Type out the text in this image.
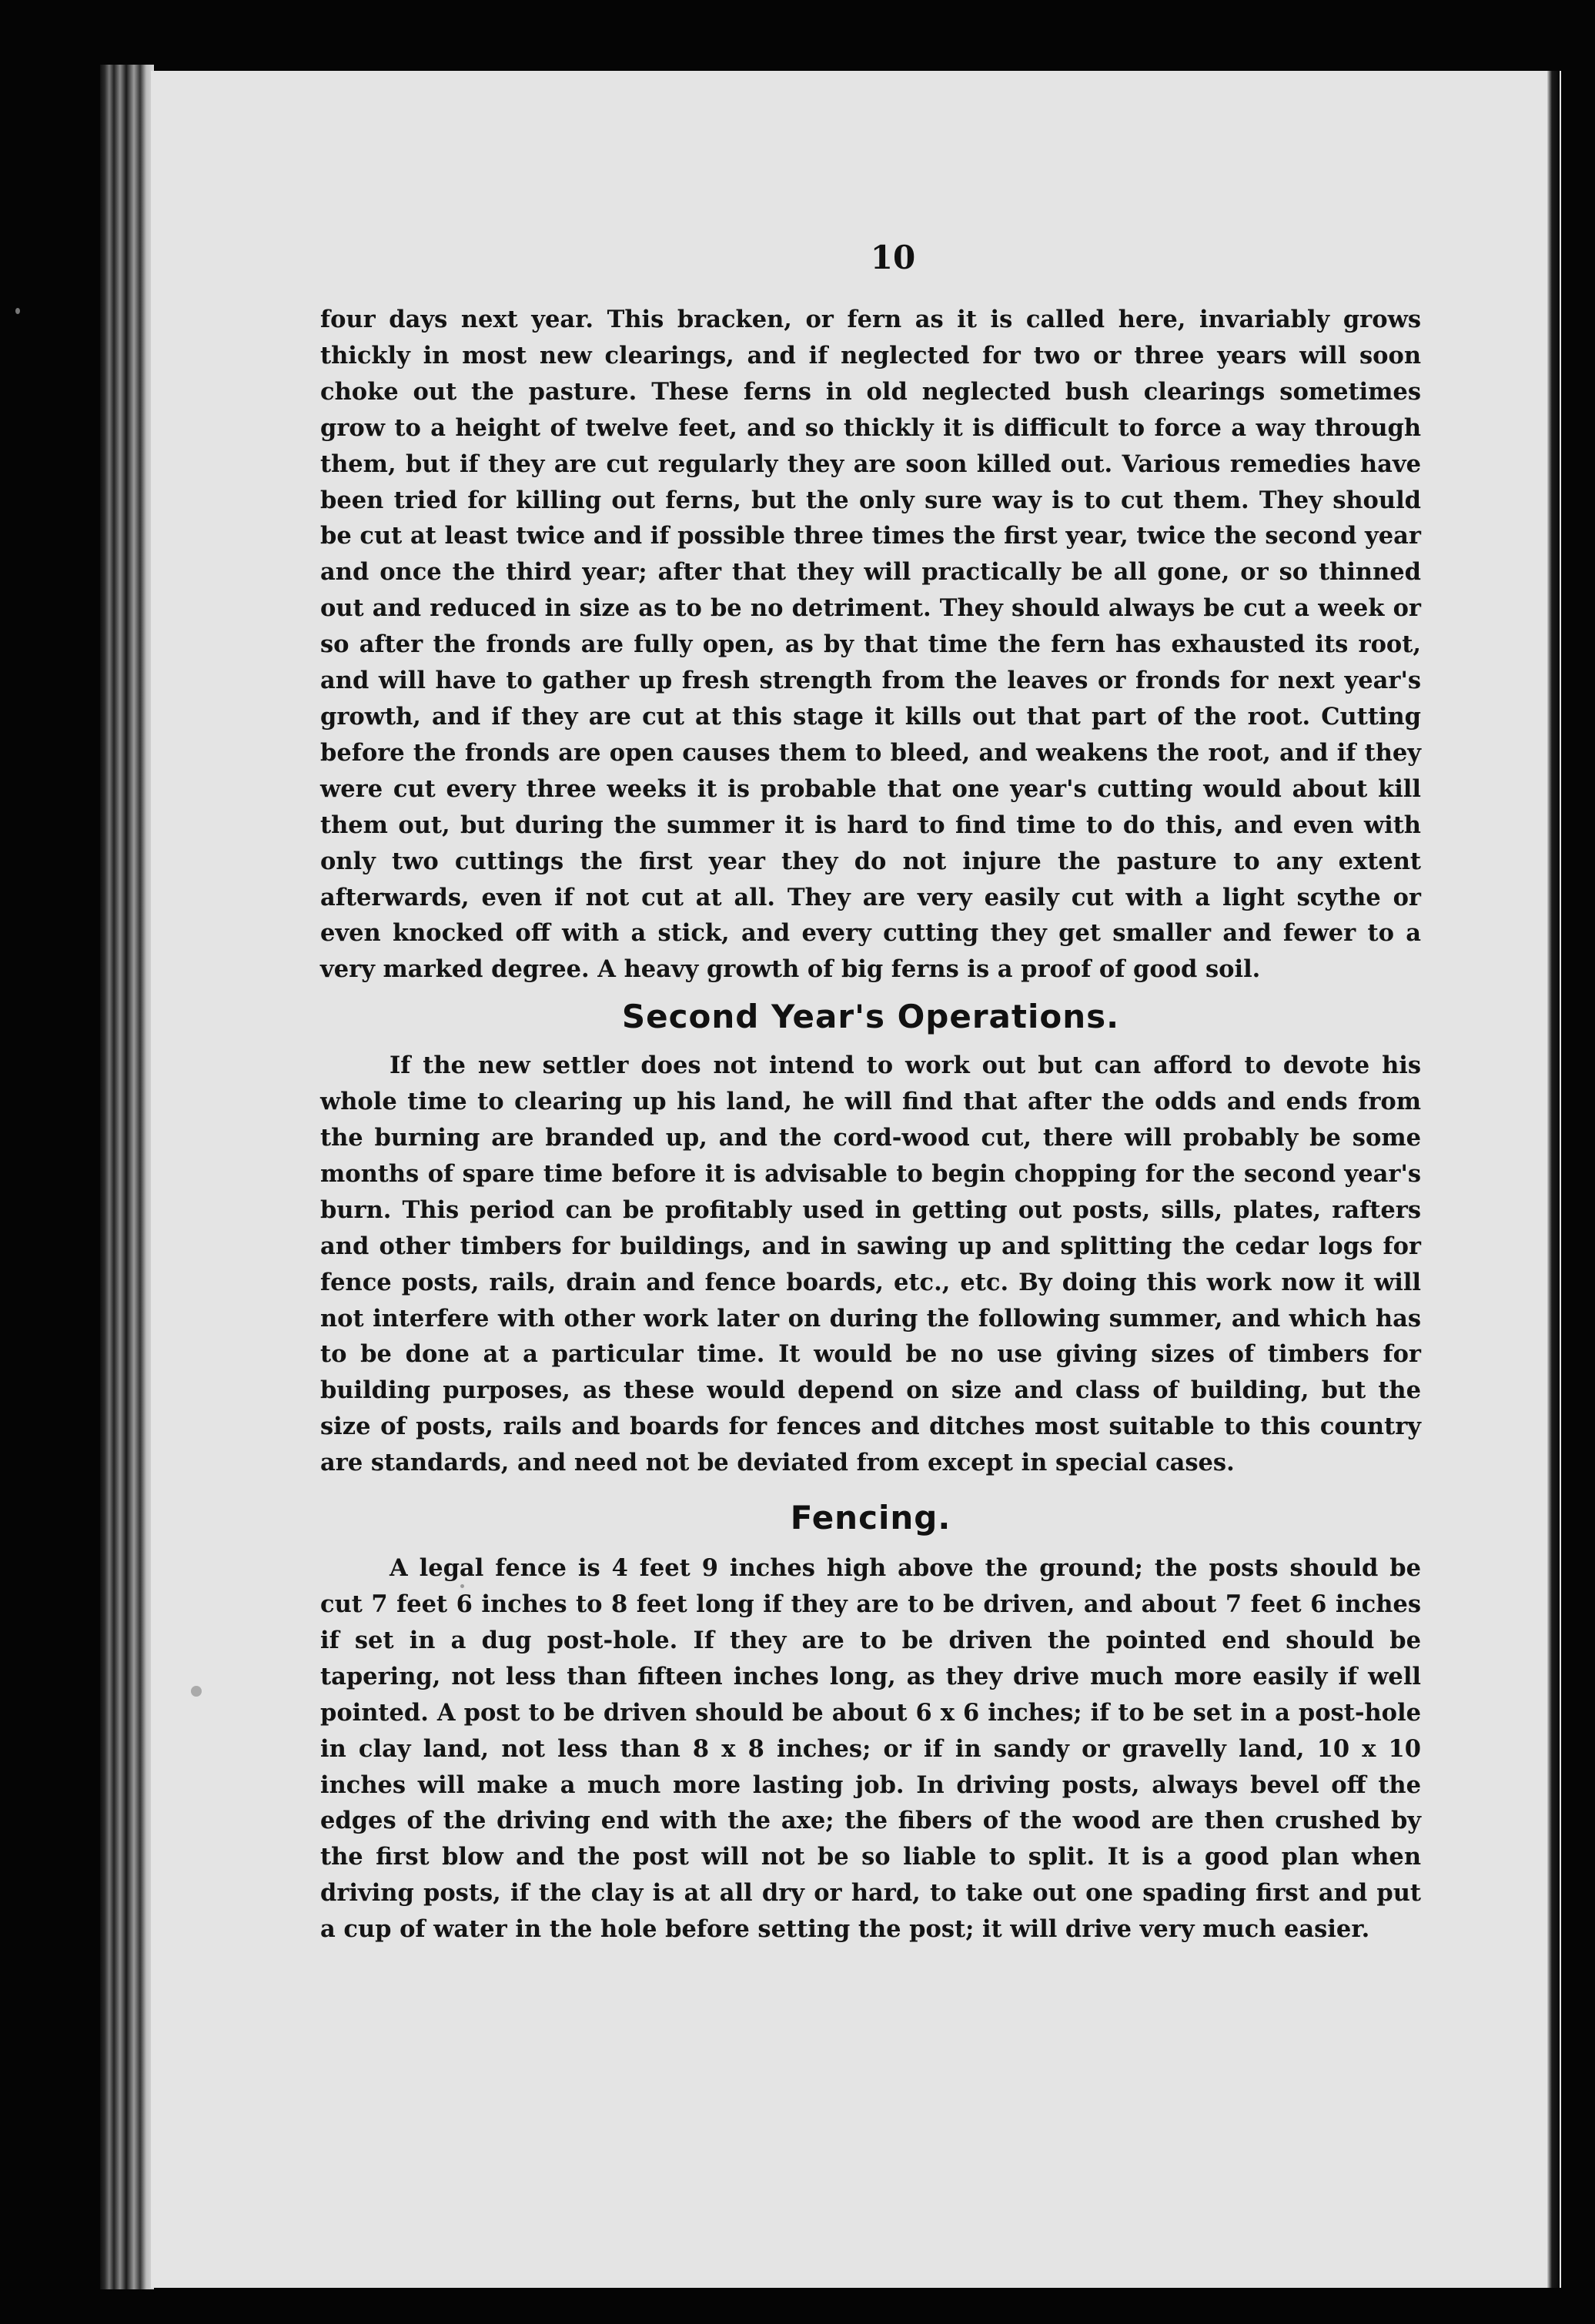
10

four days next year. This bracken, or fern as it is called here, invariably grows thickly in most new clearings, and if neglected for two or three years will soon choke out the pasture. These ferns in old neglected bush clearings sometimes grow to a height of twelve feet, and so thickly it is difficult to force a way through them, but if they are cut regularly they are soon killed out. Various remedies have been tried for killing out ferns, but the only sure way is to cut them. They should be cut at least twice and if possible three times the first year, twice the second year and once the third year; after that they will practically be all gone, or so thinned out and reduced in size as to be no detriment. They should always be cut a week or so after the fronds are fully open, as by that time the fern has exhausted its root, and will have to gather up fresh strength from the leaves or fronds for next year's growth, and if they are cut at this stage it kills out that part of the root. Cutting before the fronds are open causes them to bleed, and weakens the root, and if they were cut every three weeks it is probable that one year's cutting would about kill them out, but during the summer it is hard to find time to do this, and even with only two cuttings the first year they do not injure the pasture to any extent afterwards, even if not cut at all. They are very easily cut with a light scythe or even knocked off with a stick, and every cutting they get smaller and fewer to a very marked degree. A heavy growth of big ferns is a proof of good soil.

Second Year's Operations.

If the new settler does not intend to work out but can afford to devote his whole time to clearing up his land, he will find that after the odds and ends from the burning are branded up, and the cord-wood cut, there will probably be some months of spare time before it is advisable to begin chopping for the second year's burn. This period can be profitably used in getting out posts, sills, plates, rafters and other timbers for buildings, and in sawing up and splitting the cedar logs for fence posts, rails, drain and fence boards, etc., etc. By doing this work now it will not interfere with other work later on during the following summer, and which has to be done at a particular time. It would be no use giving sizes of timbers for building purposes, as these would depend on size and class of building, but the size of posts, rails and boards for fences and ditches most suitable to this country are standards, and need not be deviated from except in special cases.

Fencing.

A legal fence is 4 feet 9 inches high above the ground; the posts should be cut 7 feet 6 inches to 8 feet long if they are to be driven, and about 7 feet 6 inches if set in a dug post-hole. If they are to be driven the pointed end should be tapering, not less than fifteen inches long, as they drive much more easily if well pointed. A post to be driven should be about 6 x 6 inches; if to be set in a post-hole in clay land, not less than 8 x 8 inches; or if in sandy or gravelly land, 10 x 10 inches will make a much more lasting job. In driving posts, always bevel off the edges of the driving end with the axe; the fibers of the wood are then crushed by the first blow and the post will not be so liable to split. It is a good plan when driving posts, if the clay is at all dry or hard, to take out one spading first and put a cup of water in the hole before setting the post; it will drive very much easier.
